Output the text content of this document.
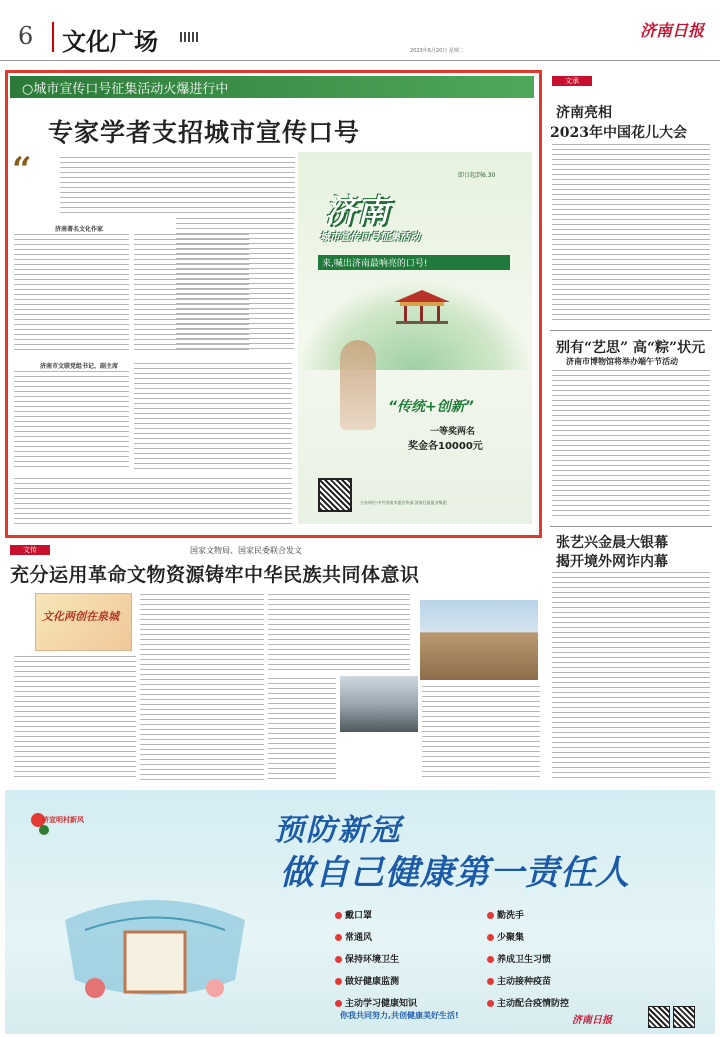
6 文化广场	济南日报
2023年6月20日 星期二
○城市宣传口号征集活动火爆进行中
专家学者支招城市宣传口号
“
济南著名文化作家
济南市文联党组书记、副主席
即日起到6.30
济南
城市宣传口号征集活动
来,喊出济南最响亮的口号!
“传统+创新”
一等奖两名
奖金各10000元
主办单位:中共济南市委宣传部 济南日报报业集团
文承
济南亮相
2023年中国花儿大会
别有“艺思” 高“粽”状元
济南市博物馆将举办端午节活动
张艺兴金晨大银幕
揭开境外网诈内幕
文传	国家文物局、国家民委联合发文
充分运用革命文物资源铸牢中华民族共同体意识
文化两创在泉城
济宣明村新风	预防新冠
做自己健康第一责任人
戴口罩
常通风
保持环境卫生
做好健康监测
主动学习健康知识
勤洗手
少聚集
养成卫生习惯
主动接种疫苗
主动配合疫情防控
你我共同努力,共创健康美好生活!	济南日报
